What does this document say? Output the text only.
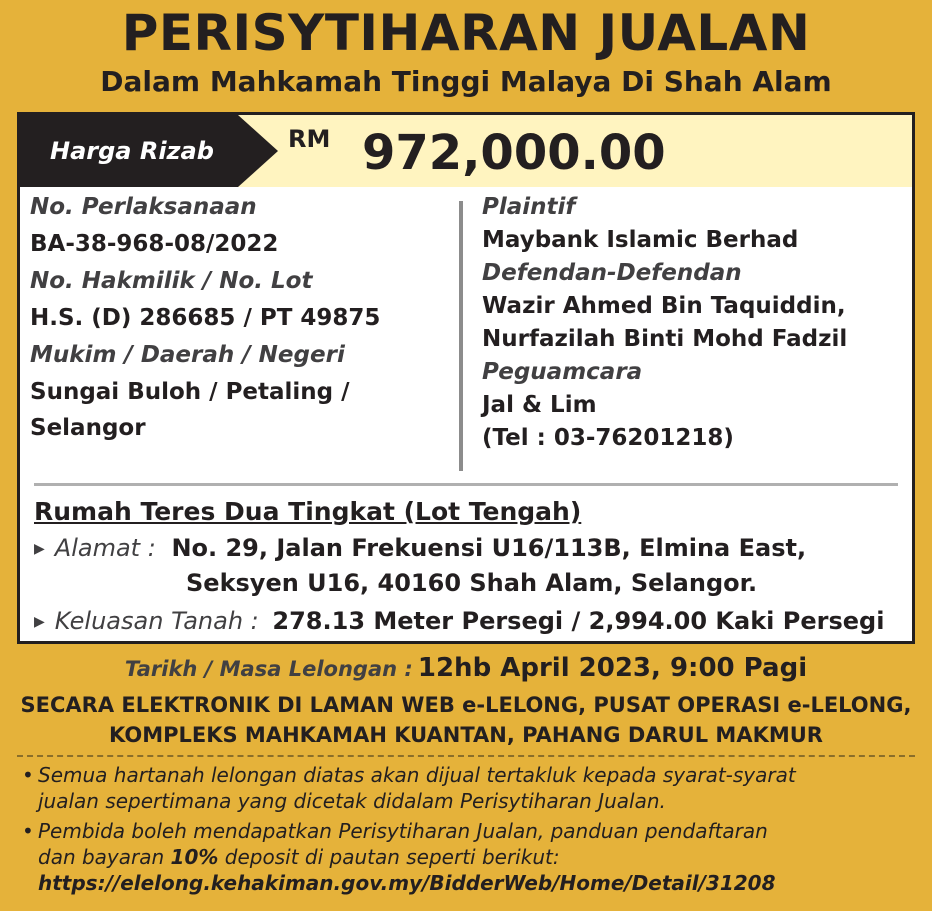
PERISYTIHARAN JUALAN
Dalam Mahkamah Tinggi Malaya Di Shah Alam
Harga Rizab	RM 972,000.00
No. Perlaksanaan
BA-38-968-08/2022
No. Hakmilik / No. Lot
H.S. (D) 286685 / PT 49875
Mukim / Daerah / Negeri
Sungai Buloh / Petaling /
Selangor
Plaintif
Maybank Islamic Berhad
Defendan-Defendan
Wazir Ahmed Bin Taquiddin,
Nurfazilah Binti Mohd Fadzil
Peguamcara
Jal & Lim
(Tel : 03-76201218)
Rumah Teres Dua Tingkat (Lot Tengah)
▶ Alamat : No. 29, Jalan Frekuensi U16/113B, Elmina East,
Seksyen U16, 40160 Shah Alam, Selangor.
▶ Keluasan Tanah : 278.13 Meter Persegi / 2,994.00 Kaki Persegi
Tarikh / Masa Lelongan : 12hb April 2023, 9:00 Pagi
SECARA ELEKTRONIK DI LAMAN WEB e-LELONG, PUSAT OPERASI e-LELONG,
KOMPLEKS MAHKAMAH KUANTAN, PAHANG DARUL MAKMUR
• Semua hartanah lelongan diatas akan dijual tertakluk kepada syarat-syarat
jualan sepertimana yang dicetak didalam Perisytiharan Jualan.
• Pembida boleh mendapatkan Perisytiharan Jualan, panduan pendaftaran
dan bayaran 10% deposit di pautan seperti berikut:
https://elelong.kehakiman.gov.my/BidderWeb/Home/Detail/31208
